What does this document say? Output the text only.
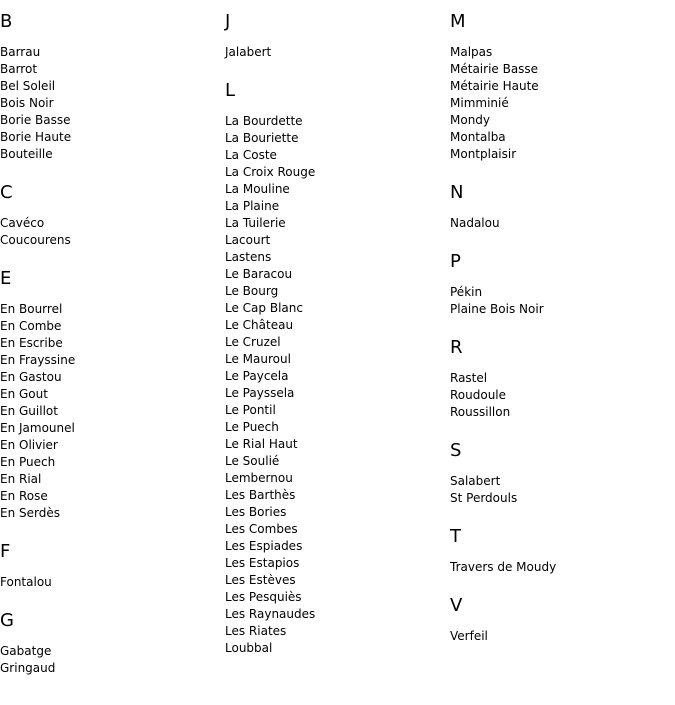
B
Barrau
Barrot
Bel Soleil
Bois Noir
Borie Basse
Borie Haute
Bouteille
C
Cavéco
Coucourens
E
En Bourrel
En Combe
En Escribe
En Frayssine
En Gastou
En Gout
En Guillot
En Jamounel
En Olivier
En Puech
En Rial
En Rose
En Serdès
F
Fontalou
G
Gabatge
Gringaud
J
Jalabert
L
La Bourdette
La Bouriette
La Coste
La Croix Rouge
La Mouline
La Plaine
La Tuilerie
Lacourt
Lastens
Le Baracou
Le Bourg
Le Cap Blanc
Le Château
Le Cruzel
Le Mauroul
Le Paycela
Le Payssela
Le Pontil
Le Puech
Le Rial Haut
Le Soulié
Lembernou
Les Barthès
Les Bories
Les Combes
Les Espiades
Les Estapios
Les Estèves
Les Pesquiès
Les Raynaudes
Les Riates
Loubbal
M
Malpas
Métairie Basse
Métairie Haute
Mimminié
Mondy
Montalba
Montplaisir
N
Nadalou
P
Pékin
Plaine Bois Noir
R
Rastel
Roudoule
Roussillon
S
Salabert
St Perdouls
T
Travers de Moudy
V
Verfeil
